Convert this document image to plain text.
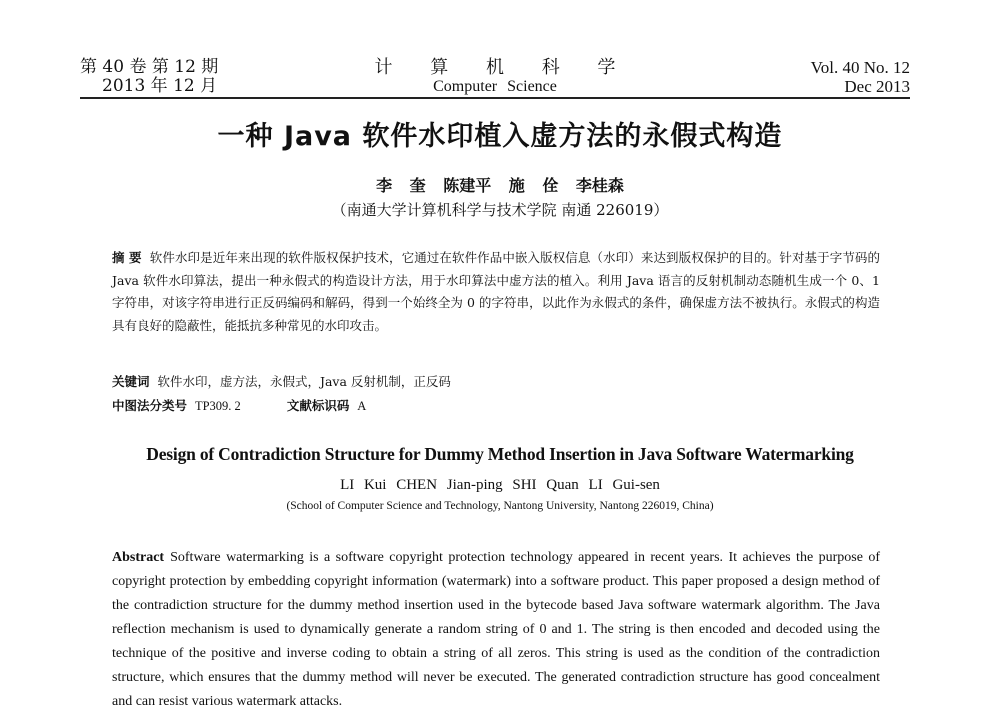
第 40 卷 第 12 期
2013 年 12 月
计 算 机 科 学
Computer Science
Vol. 40 No. 12
Dec 2013
一种 Java 软件水印植入虚方法的永假式构造
李 奎 陈建平 施 佺 李桂森
（南通大学计算机科学与技术学院 南通 226019）
摘 要 软件水印是近年来出现的软件版权保护技术，它通过在软件作品中嵌入版权信息（水印）来达到版权保护的目的。针对基于字节码的 Java 软件水印算法，提出一种永假式的构造设计方法，用于水印算法中虚方法的植入。利用 Java 语言的反射机制动态随机生成一个 0、1 字符串，对该字符串进行正反码编码和解码，得到一个始终全为 0 的字符串，以此作为永假式的条件，确保虚方法不被执行。永假式的构造具有良好的隐蔽性，能抵抗多种常见的水印攻击。
关键词 软件水印，虚方法，永假式，Java 反射机制，正反码
中图法分类号 TP309. 2	文献标识码 A
Design of Contradiction Structure for Dummy Method Insertion in Java Software Watermarking
LI Kui CHEN Jian-ping SHI Quan LI Gui-sen
(School of Computer Science and Technology, Nantong University, Nantong 226019, China)
Abstract Software watermarking is a software copyright protection technology appeared in recent years. It achieves the purpose of copyright protection by embedding copyright information (watermark) into a software product. This paper proposed a design method of the contradiction structure for the dummy method insertion used in the bytecode based Java software watermark algorithm. The Java reflection mechanism is used to dynamically generate a random string of 0 and 1. The string is then encoded and decoded using the technique of the positive and inverse coding to obtain a string of all zeros. This string is used as the condition of the contradiction structure, which ensures that the dummy method will never be executed. The generated contradiction structure has good concealment and can resist various watermark attacks.
